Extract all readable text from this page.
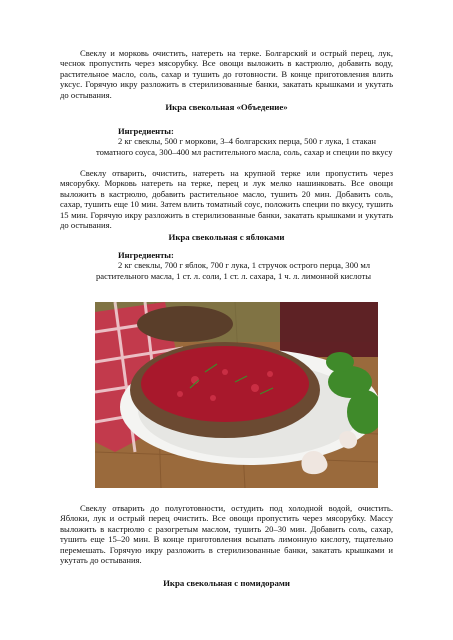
Свеклу и морковь очистить, натереть на терке. Болгарский и острый перец, лук, чеснок пропустить через мясорубку. Все овощи выложить в кастрюлю, добавить воду, растительное масло, соль, сахар и тушить до готовности. В конце приготовления влить уксус. Горячую икру разложить в стерилизованные банки, закатать крышками и укутать до остывания.

Икра свекольная «Объедение»

Ингредиенты:
2 кг свеклы, 500 г моркови, 3–4 болгарских перца, 500 г лука, 1 стакан
томатного соуса, 300–400 мл растительного масла, соль, сахар и специи по вкусу

Свеклу отварить, очистить, натереть на крупной терке или пропустить через мясорубку. Морковь натереть на терке, перец и лук мелко нашинковать. Все овощи выложить в кастрюлю, добавить растительное масло, тушить 20 мин. Добавить соль, сахар, тушить еще 10 мин. Затем влить томатный соус, положить специи по вкусу, тушить 15 мин. Горячую икру разложить в стерилизованные банки, закатать крышками и укутать до остывания.

Икра свекольная с яблоками

Ингредиенты:
2 кг свеклы, 700 г яблок, 700 г лука, 1 стручок острого перца, 300 мл
растительного масла, 1 ст. л. соли, 1 ст. л. сахара, 1 ч. л. лимонной кислоты

Свеклу отварить до полуготовности, остудить под холодной водой, очистить. Яблоки, лук и острый перец очистить. Все овощи пропустить через мясорубку. Массу выложить в кастрюлю с разогретым маслом, тушить 20–30 мин. Добавить соль, сахар, тушить еще 15–20 мин. В конце приготовления всыпать лимонную кислоту, тщательно перемешать. Горячую икру разложить в стерилизованные банки, закатать крышками и укутать до остывания.

Икра свекольная с помидорами
